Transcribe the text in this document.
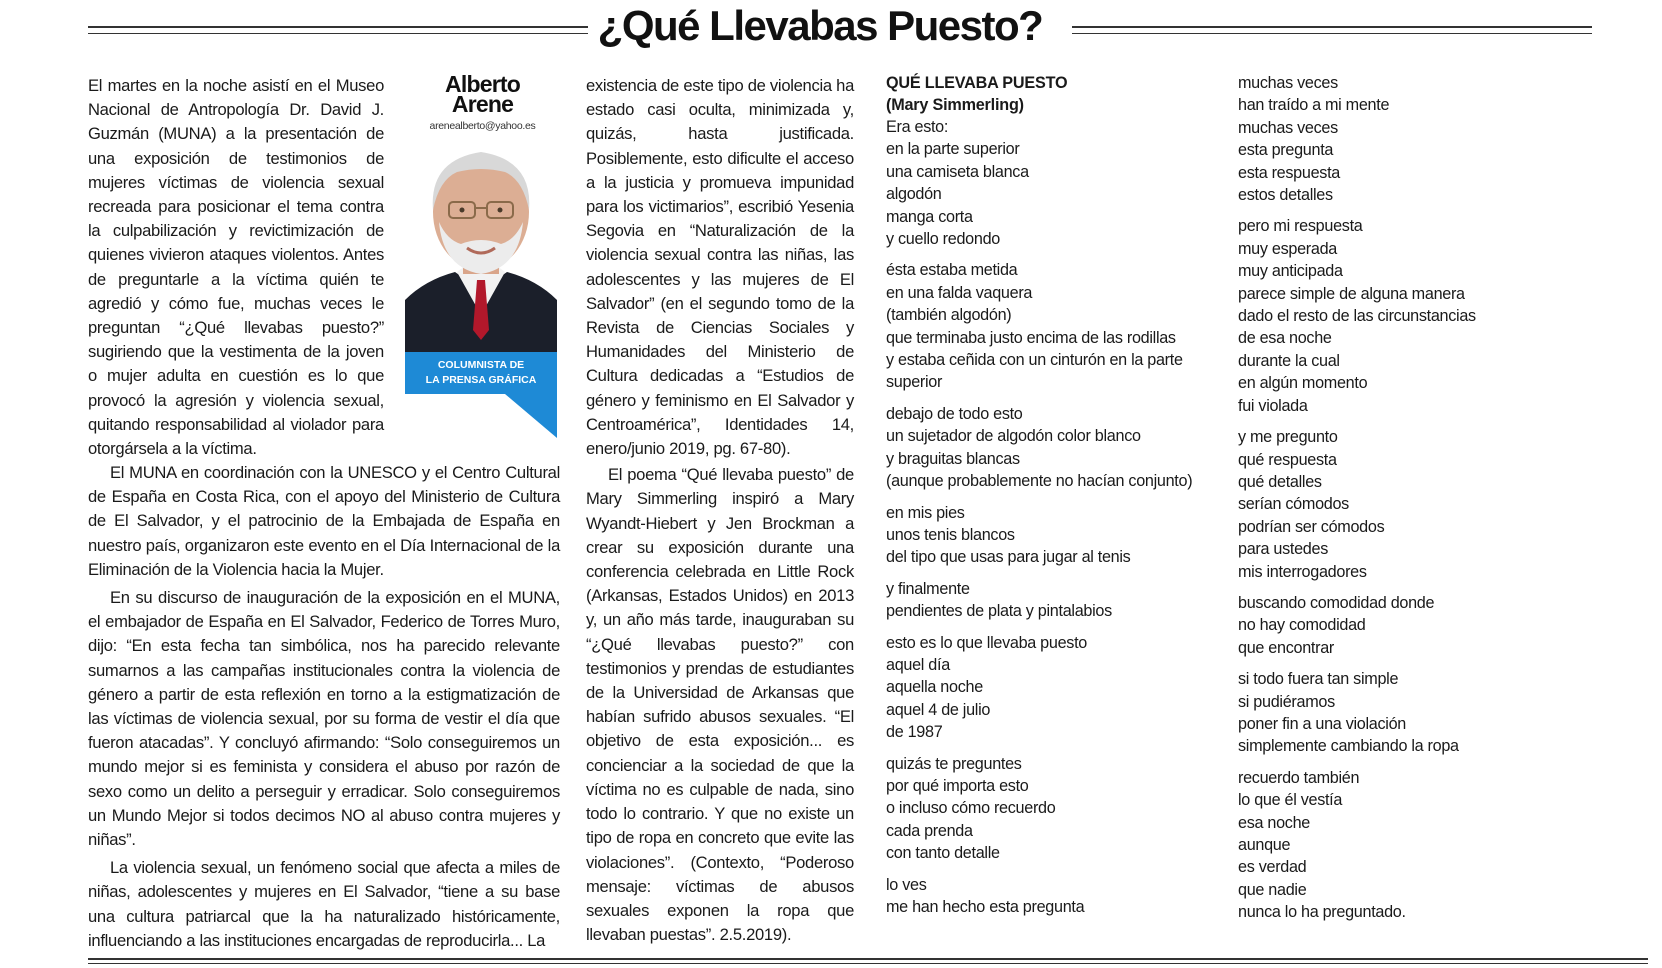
¿Qué Llevabas Puesto?

El martes en la noche asistí en el Museo Nacional de Antropología Dr. David J. Guzmán (MUNA) a la presentación de una exposición de testimonios de mujeres víctimas de violencia sexual recreada para posicionar el tema contra la culpabilización y revictimización de quienes vivieron ataques violentos. Antes de preguntarle a la víctima quién te agredió y cómo fue, muchas veces le preguntan “¿Qué llevabas puesto?” sugiriendo que la vestimenta de la joven o mujer adulta en cuestión es lo que provocó la agresión y violencia sexual, quitando responsabilidad al violador para otorgársela a la víctima.

El MUNA en coordinación con la UNESCO y el Centro Cultural de España en Costa Rica, con el apoyo del Ministerio de Cultura de El Salvador, y el patrocinio de la Embajada de España en nuestro país, organizaron este evento en el Día Internacional de la Eliminación de la Violencia hacia la Mujer.

En su discurso de inauguración de la exposición en el MUNA, el embajador de España en El Salvador, Federico de Torres Muro, dijo: “En esta fecha tan simbólica, nos ha parecido relevante sumarnos a las campañas institucionales contra la violencia de género a partir de esta reflexión en torno a la estigmatización de las víctimas de violencia sexual, por su forma de vestir el día que fueron atacadas”. Y concluyó afirmando: “Solo conseguiremos un mundo mejor si es feminista y considera el abuso por razón de sexo como un delito a perseguir y erradicar. Solo conseguiremos un Mundo Mejor si todos decimos NO al abuso contra mujeres y niñas”.

La violencia sexual, un fenómeno social que afecta a miles de niñas, adolescentes y mujeres en El Salvador, “tiene a su base una cultura patriarcal que la ha naturalizado históricamente, influenciando a las instituciones encargadas de reproducirla... La

Alberto
Arene
arenealberto@yahoo.es
COLUMNISTA DE
LA PRENSA GRÁFICA

existencia de este tipo de violencia ha estado casi oculta, minimizada y, quizás, hasta justificada. Posiblemente, esto dificulte el acceso a la justicia y promueva impunidad para los victimarios”, escribió Yesenia Segovia en “Naturalización de la violencia sexual contra las niñas, las adolescentes y las mujeres de El Salvador” (en el segundo tomo de la Revista de Ciencias Sociales y Humanidades del Ministerio de Cultura dedicadas a “Estudios de género y feminismo en El Salvador y Centroamérica”, Identidades 14, enero/junio 2019, pg. 67-80).

El poema “Qué llevaba puesto” de Mary Simmerling inspiró a Mary Wyandt-Hiebert y Jen Brockman a crear su exposición durante una conferencia celebrada en Little Rock (Arkansas, Estados Unidos) en 2013 y, un año más tarde, inauguraban su “¿Qué llevabas puesto?” con testimonios y prendas de estudiantes de la Universidad de Arkansas que habían sufrido abusos sexuales. “El objetivo de esta exposición... es concienciar a la sociedad de que la víctima no es culpable de nada, sino todo lo contrario. Y que no existe un tipo de ropa en concreto que evite las violaciones”. (Contexto, “Poderoso mensaje: víctimas de abusos sexuales exponen la ropa que llevaban puestas”. 2.5.2019).

QUÉ LLEVABA PUESTO
(Mary Simmerling)
Era esto:
en la parte superior
una camiseta blanca
algodón
manga corta
y cuello redondo
ésta estaba metida
en una falda vaquera
(también algodón)
que terminaba justo encima de las rodillas
y estaba ceñida con un cinturón en la parte superior
debajo de todo esto
un sujetador de algodón color blanco
y braguitas blancas
(aunque probablemente no hacían conjunto)
en mis pies
unos tenis blancos
del tipo que usas para jugar al tenis
y finalmente
pendientes de plata y pintalabios
esto es lo que llevaba puesto
aquel día
aquella noche
aquel 4 de julio
de 1987
quizás te preguntes
por qué importa esto
o incluso cómo recuerdo
cada prenda
con tanto detalle
lo ves
me han hecho esta pregunta
muchas veces
han traído a mi mente
muchas veces
esta pregunta
esta respuesta
estos detalles
pero mi respuesta
muy esperada
muy anticipada
parece simple de alguna manera
dado el resto de las circunstancias
de esa noche
durante la cual
en algún momento
fui violada
y me pregunto
qué respuesta
qué detalles
serían cómodos
podrían ser cómodos
para ustedes
mis interrogadores
buscando comodidad donde
no hay comodidad
que encontrar
si todo fuera tan simple
si pudiéramos
poner fin a una violación
simplemente cambiando la ropa
recuerdo también
lo que él vestía
esa noche
aunque
es verdad
que nadie
nunca lo ha preguntado.
